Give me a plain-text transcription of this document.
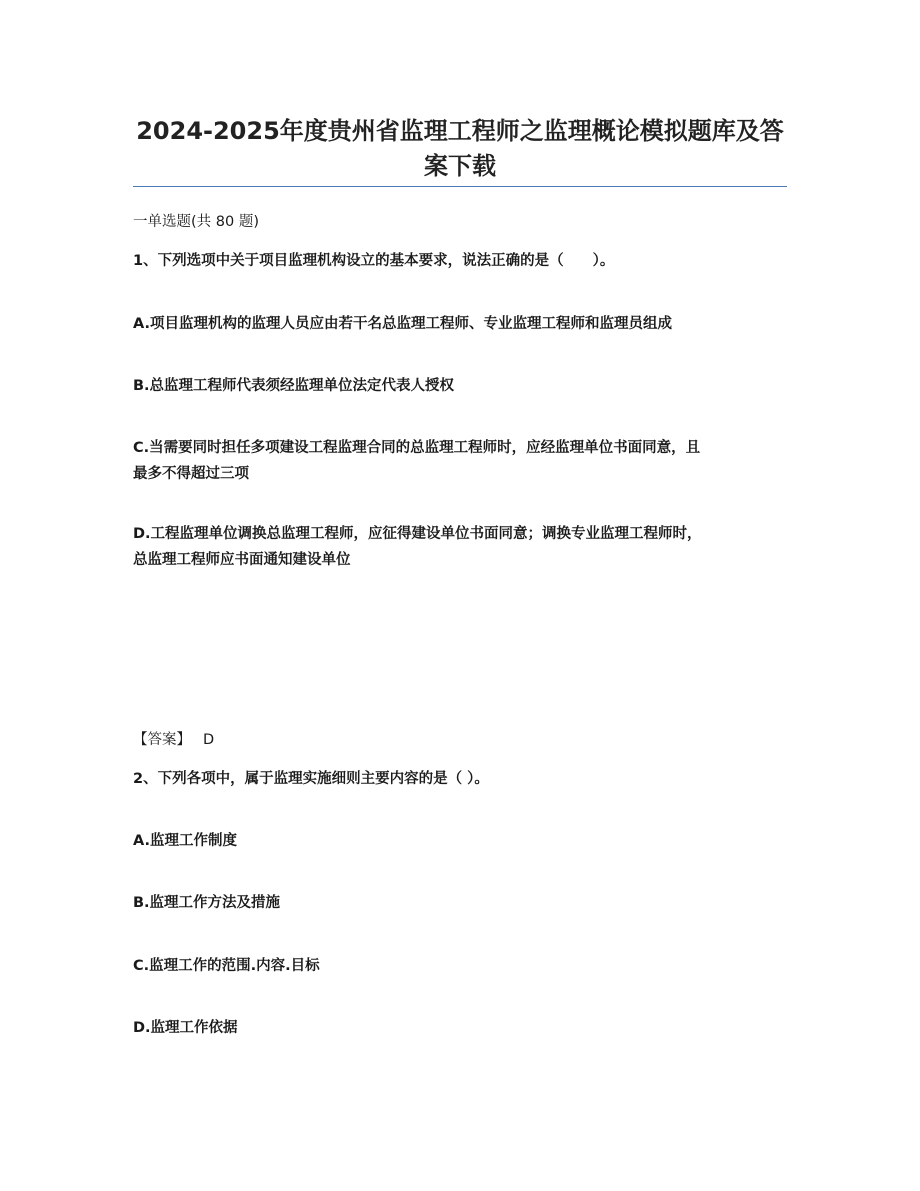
2024-2025年度贵州省监理工程师之监理概论模拟题库及答
案下载
一单选题(共 80 题)
1、下列选项中关于项目监理机构设立的基本要求，说法正确的是（　　）。
A.项目监理机构的监理人员应由若干名总监理工程师、专业监理工程师和监理员组成
B.总监理工程师代表须经监理单位法定代表人授权
C.当需要同时担任多项建设工程监理合同的总监理工程师时，应经监理单位书面同意，且
最多不得超过三项
D.工程监理单位调换总监理工程师，应征得建设单位书面同意；调换专业监理工程师时，
总监理工程师应书面通知建设单位
【答案】 D
2、下列各项中，属于监理实施细则主要内容的是（ ）。
A.监理工作制度
B.监理工作方法及措施
C.监理工作的范围.内容.目标
D.监理工作依据
